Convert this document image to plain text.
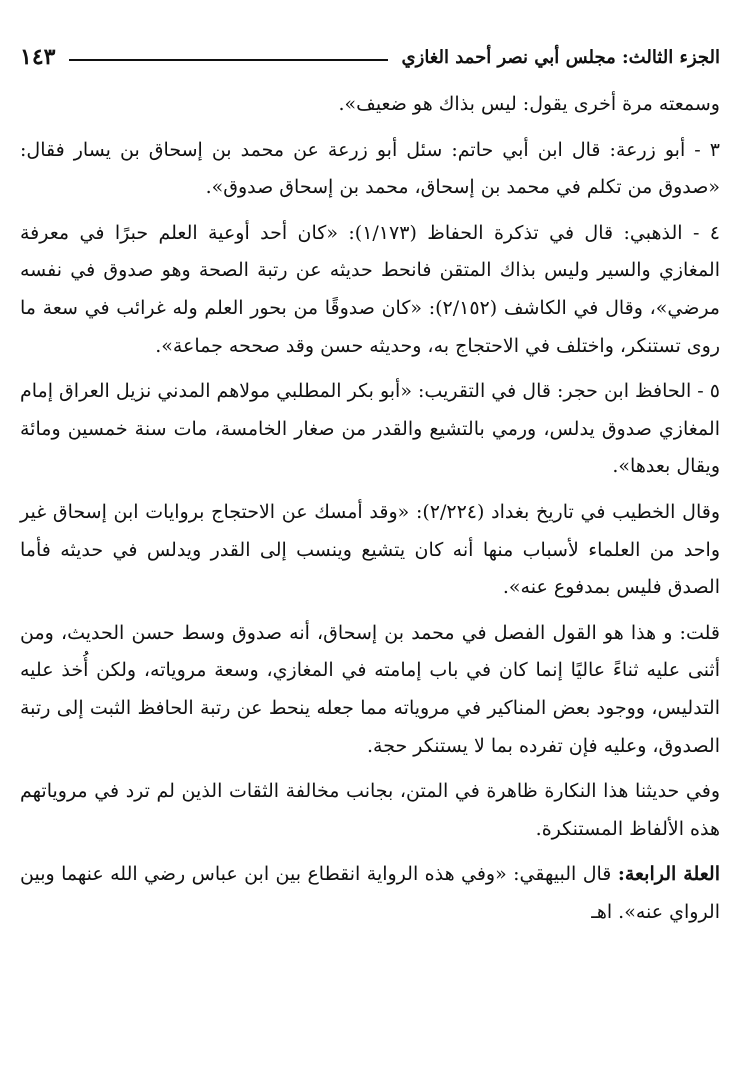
الجزء الثالث: مجلس أبي نصر أحمد الغازي
١٤٣

وسمعته مرة أخرى يقول: ليس بذاك هو ضعيف».

٣ - أبو زرعة: قال ابن أبي حاتم: سئل أبو زرعة عن محمد بن إسحاق بن يسار فقال: «صدوق من تكلم في محمد بن إسحاق، محمد بن إسحاق صدوق».

٤ - الذهبي: قال في تذكرة الحفاظ (١/١٧٣): «كان أحد أوعية العلم حبرًا في معرفة المغازي والسير وليس بذاك المتقن فانحط حديثه عن رتبة الصحة وهو صدوق في نفسه مرضي»، وقال في الكاشف (٢/١٥٢): «كان صدوقًا من بحور العلم وله غرائب في سعة ما روى تستنكر، واختلف في الاحتجاج به، وحديثه حسن وقد صححه جماعة».

٥ - الحافظ ابن حجر: قال في التقريب: «أبو بكر المطلبي مولاهم المدني نزيل العراق إمام المغازي صدوق يدلس، ورمي بالتشيع والقدر من صغار الخامسة، مات سنة خمسين ومائة ويقال بعدها».

وقال الخطيب في تاريخ بغداد (٢/٢٢٤): «وقد أمسك عن الاحتجاج بروايات ابن إسحاق غير واحد من العلماء لأسباب منها أنه كان يتشيع وينسب إلى القدر ويدلس في حديثه فأما الصدق فليس بمدفوع عنه».

قلت: و هذا هو القول الفصل في محمد بن إسحاق، أنه صدوق وسط حسن الحديث، ومن أثنى عليه ثناءً عاليًا إنما كان في باب إمامته في المغازي، وسعة مروياته، ولكن أُخذ عليه التدليس، ووجود بعض المناكير في مروياته مما جعله ينحط عن رتبة الحافظ الثبت إلى رتبة الصدوق، وعليه فإن تفرده بما لا يستنكر حجة.

وفي حديثنا هذا النكارة ظاهرة في المتن، بجانب مخالفة الثقات الذين لم ترد في مروياتهم هذه الألفاظ المستنكرة.

العلة الرابعة: قال البيهقي: «وفي هذه الرواية انقطاع بين ابن عباس رضي الله عنهما وبين الرواي عنه». اهـ
